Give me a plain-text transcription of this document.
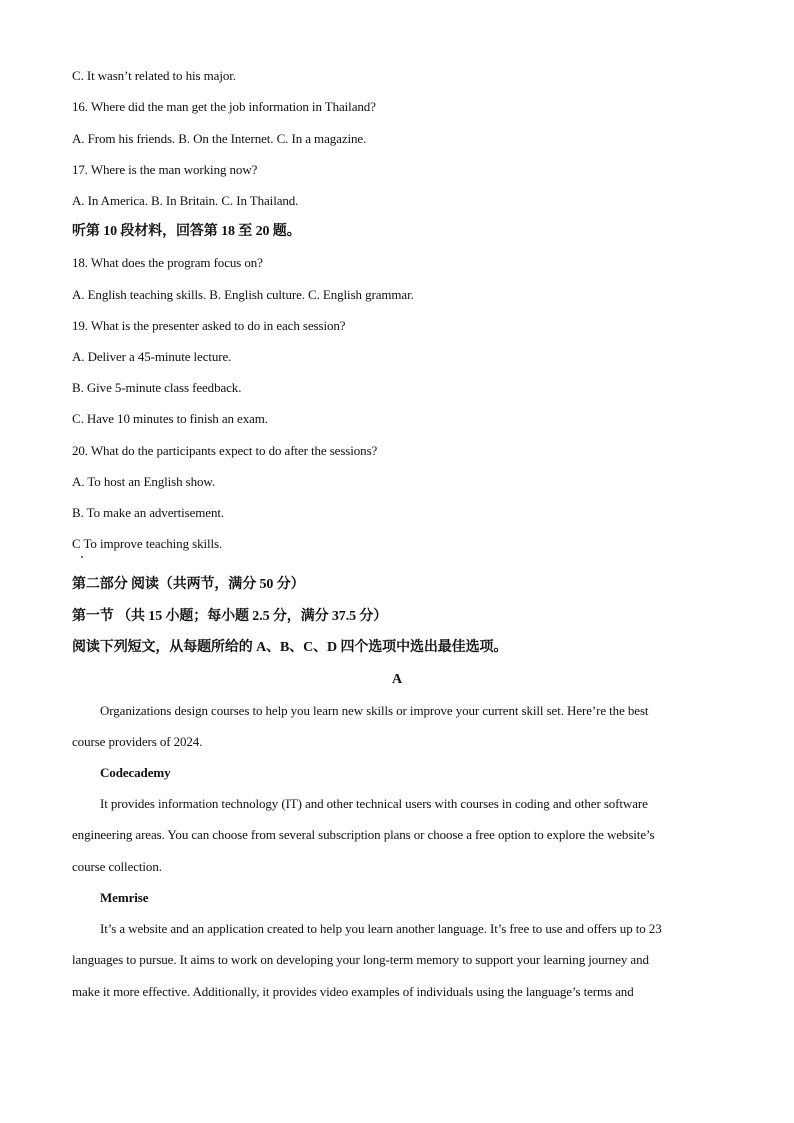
C. It wasn’t related to his major.
16. Where did the man get the job information in Thailand?
A. From his friends. B. On the Internet. C. In a magazine.
17. Where is the man working now?
A. In America. B. In Britain. C. In Thailand.
听第 10 段材料，回答第 18 至 20 题。
18. What does the program focus on?
A. English teaching skills. B. English culture. C. English grammar.
19. What is the presenter asked to do in each session?
A. Deliver a 45-minute lecture.
B. Give 5-minute class feedback.
C. Have 10 minutes to finish an exam.
20. What do the participants expect to do after the sessions?
A. To host an English show.
B. To make an advertisement.
C To improve teaching skills.
第二部分 阅读（共两节，满分 50 分）
第一节 （共 15 小题；每小题 2.5 分，满分 37.5 分）
阅读下列短文，从每题所给的 A、B、C、D 四个选项中选出最佳选项。
A
Organizations design courses to help you learn new skills or improve your current skill set. Here’re the best
course providers of 2024.
Codecademy
It provides information technology (IT) and other technical users with courses in coding and other software
engineering areas. You can choose from several subscription plans or choose a free option to explore the website’s
course collection.
Memrise
It’s a website and an application created to help you learn another language. It’s free to use and offers up to 23
languages to pursue. It aims to work on developing your long-term memory to support your learning journey and
make it more effective. Additionally, it provides video examples of individuals using the language’s terms and
